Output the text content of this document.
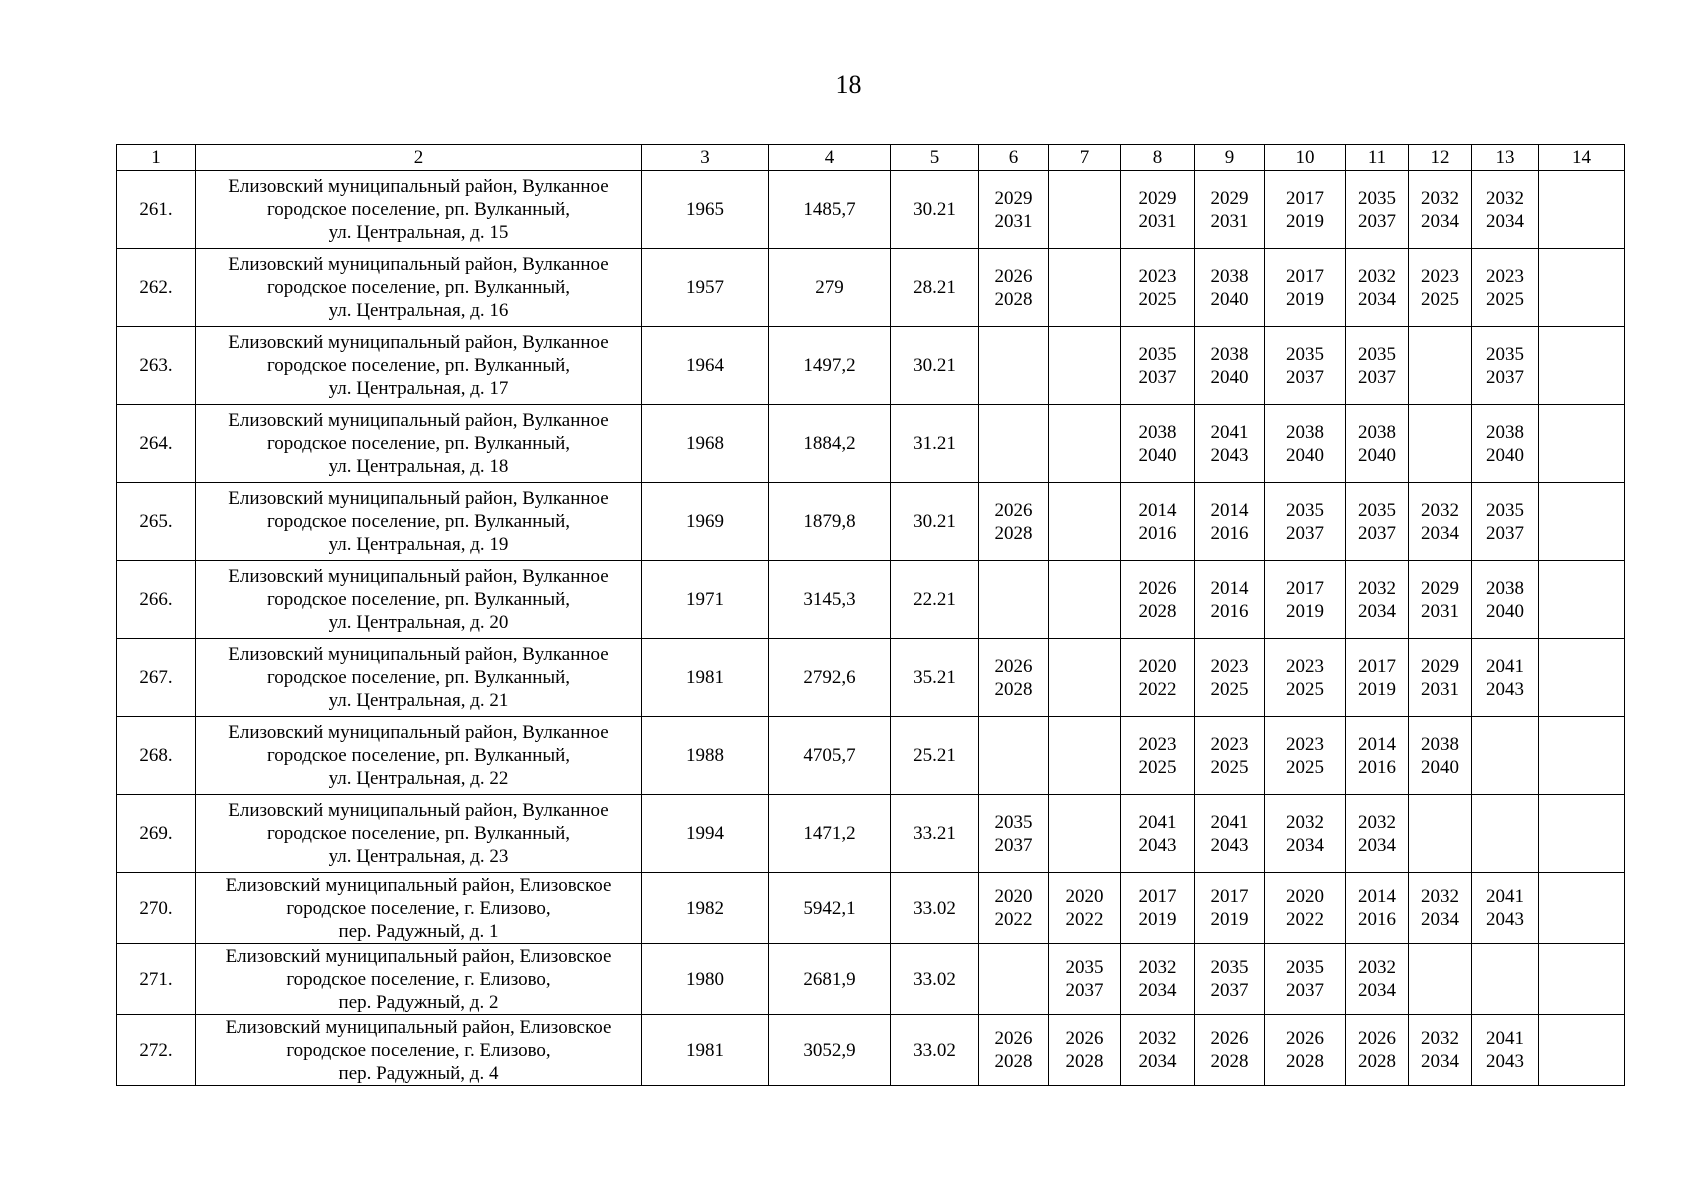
18
1	2	3	4	5	6	7	8	9	10	11	12	13	14
261.	Елизовский муниципальный район, Вулканное
городское поселение, рп. Вулканный,
ул. Центральная, д. 15	1965	1485,7	30.21	2029
2031		2029
2031	2029
2031	2017
2019	2035
2037	2032
2034	2032
2034	

262.	Елизовский муниципальный район, Вулканное
городское поселение, рп. Вулканный,
ул. Центральная, д. 16	1957	279	28.21	2026
2028		2023
2025	2038
2040	2017
2019	2032
2034	2023
2025	2023
2025	

263.	Елизовский муниципальный район, Вулканное
городское поселение, рп. Вулканный,
ул. Центральная, д. 17	1964	1497,2	30.21			2035
2037	2038
2040	2035
2037	2035
2037		2035
2037	

264.	Елизовский муниципальный район, Вулканное
городское поселение, рп. Вулканный,
ул. Центральная, д. 18	1968	1884,2	31.21			2038
2040	2041
2043	2038
2040	2038
2040		2038
2040	

265.	Елизовский муниципальный район, Вулканное
городское поселение, рп. Вулканный,
ул. Центральная, д. 19	1969	1879,8	30.21	2026
2028		2014
2016	2014
2016	2035
2037	2035
2037	2032
2034	2035
2037	

266.	Елизовский муниципальный район, Вулканное
городское поселение, рп. Вулканный,
ул. Центральная, д. 20	1971	3145,3	22.21			2026
2028	2014
2016	2017
2019	2032
2034	2029
2031	2038
2040	

267.	Елизовский муниципальный район, Вулканное
городское поселение, рп. Вулканный,
ул. Центральная, д. 21	1981	2792,6	35.21	2026
2028		2020
2022	2023
2025	2023
2025	2017
2019	2029
2031	2041
2043	

268.	Елизовский муниципальный район, Вулканное
городское поселение, рп. Вулканный,
ул. Центральная, д. 22	1988	4705,7	25.21			2023
2025	2023
2025	2023
2025	2014
2016	2038
2040		

269.	Елизовский муниципальный район, Вулканное
городское поселение, рп. Вулканный,
ул. Центральная, д. 23	1994	1471,2	33.21	2035
2037		2041
2043	2041
2043	2032
2034	2032
2034			

270.	Елизовский муниципальный район, Елизовское
городское поселение, г. Елизово,
пер. Радужный, д. 1	1982	5942,1	33.02	2020
2022	2020
2022	2017
2019	2017
2019	2020
2022	2014
2016	2032
2034	2041
2043	

271.	Елизовский муниципальный район, Елизовское
городское поселение, г. Елизово,
пер. Радужный, д. 2	1980	2681,9	33.02		2035
2037	2032
2034	2035
2037	2035
2037	2032
2034			

272.	Елизовский муниципальный район, Елизовское
городское поселение, г. Елизово,
пер. Радужный, д. 4	1981	3052,9	33.02	2026
2028	2026
2028	2032
2034	2026
2028	2026
2028	2026
2028	2032
2034	2041
2043	
